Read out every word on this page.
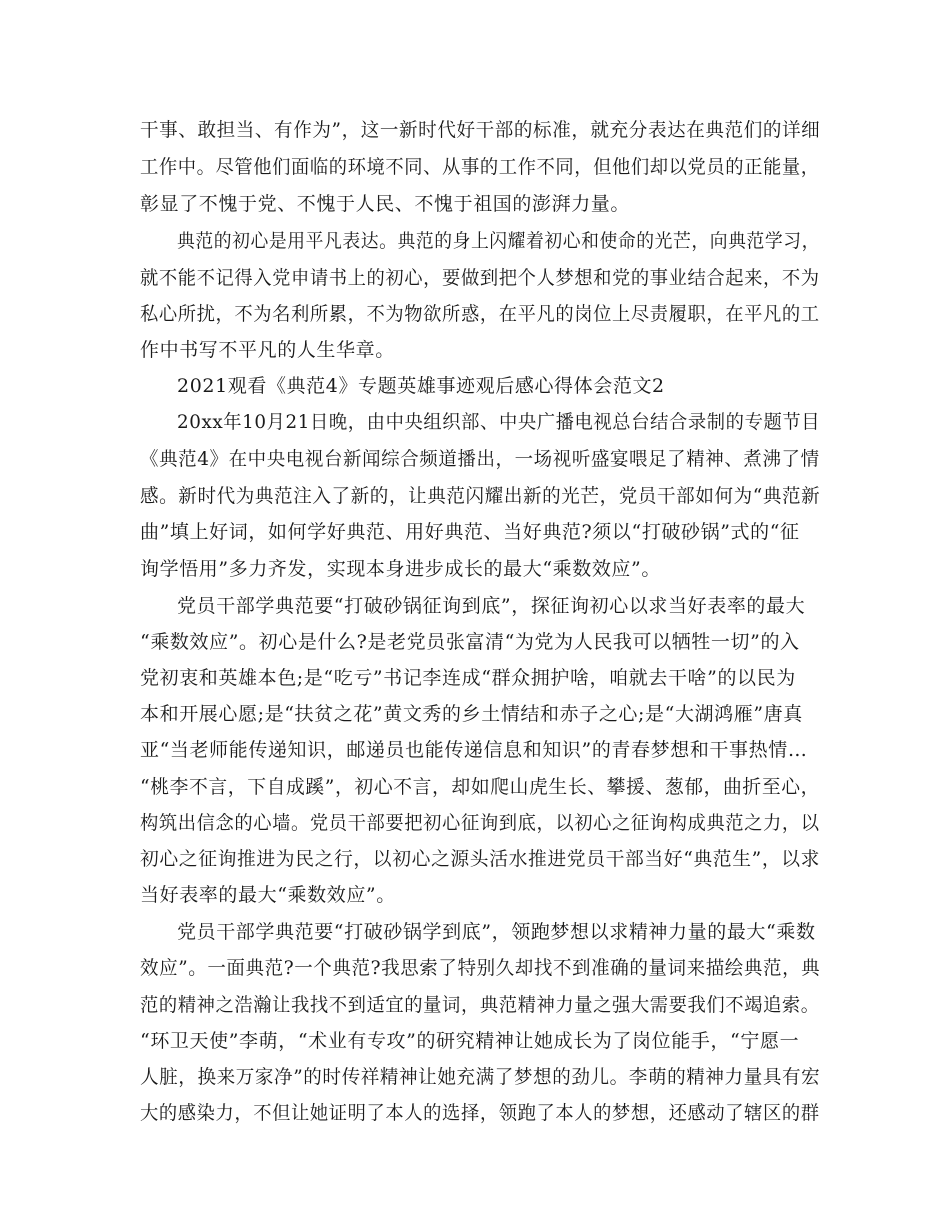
干事、敢担当、有作为”，这一新时代好干部的标准，就充分表达在典范们的详细
工作中。尽管他们面临的环境不同、从事的工作不同，但他们却以党员的正能量，
彰显了不愧于党、不愧于人民、不愧于祖国的澎湃力量。
典范的初心是用平凡表达。典范的身上闪耀着初心和使命的光芒，向典范学习，
就不能不记得入党申请书上的初心，要做到把个人梦想和党的事业结合起来，不为
私心所扰，不为名利所累，不为物欲所惑，在平凡的岗位上尽责履职，在平凡的工
作中书写不平凡的人生华章。
2021观看《典范4》专题英雄事迹观后感心得体会范文2
20xx年10月21日晚，由中央组织部、中央广播电视总台结合录制的专题节目
《典范4》在中央电视台新闻综合频道播出，一场视听盛宴喂足了精神、煮沸了情
感。新时代为典范注入了新的，让典范闪耀出新的光芒，党员干部如何为“典范新
曲”填上好词，如何学好典范、用好典范、当好典范?须以“打破砂锅”式的“征
询学悟用”多力齐发，实现本身进步成长的最大“乘数效应”。
党员干部学典范要“打破砂锅征询到底”，探征询初心以求当好表率的最大
“乘数效应”。初心是什么?是老党员张富清“为党为人民我可以牺牲一切”的入
党初衷和英雄本色;是“吃亏”书记李连成“群众拥护啥，咱就去干啥”的以民为
本和开展心愿;是“扶贫之花”黄文秀的乡土情结和赤子之心;是“大湖鸿雁”唐真
亚“当老师能传递知识，邮递员也能传递信息和知识”的青春梦想和干事热情…
“桃李不言，下自成蹊”，初心不言，却如爬山虎生长、攀援、葱郁，曲折至心，
构筑出信念的心墙。党员干部要把初心征询到底，以初心之征询构成典范之力，以
初心之征询推进为民之行，以初心之源头活水推进党员干部当好“典范生”，以求
当好表率的最大“乘数效应”。
党员干部学典范要“打破砂锅学到底”，领跑梦想以求精神力量的最大“乘数
效应”。一面典范?一个典范?我思索了特别久却找不到准确的量词来描绘典范，典
范的精神之浩瀚让我找不到适宜的量词，典范精神力量之强大需要我们不竭追索。
“环卫天使”李萌，“术业有专攻”的研究精神让她成长为了岗位能手，“宁愿一
人脏，换来万家净”的时传祥精神让她充满了梦想的劲儿。李萌的精神力量具有宏
大的感染力，不但让她证明了本人的选择，领跑了本人的梦想，还感动了辖区的群
